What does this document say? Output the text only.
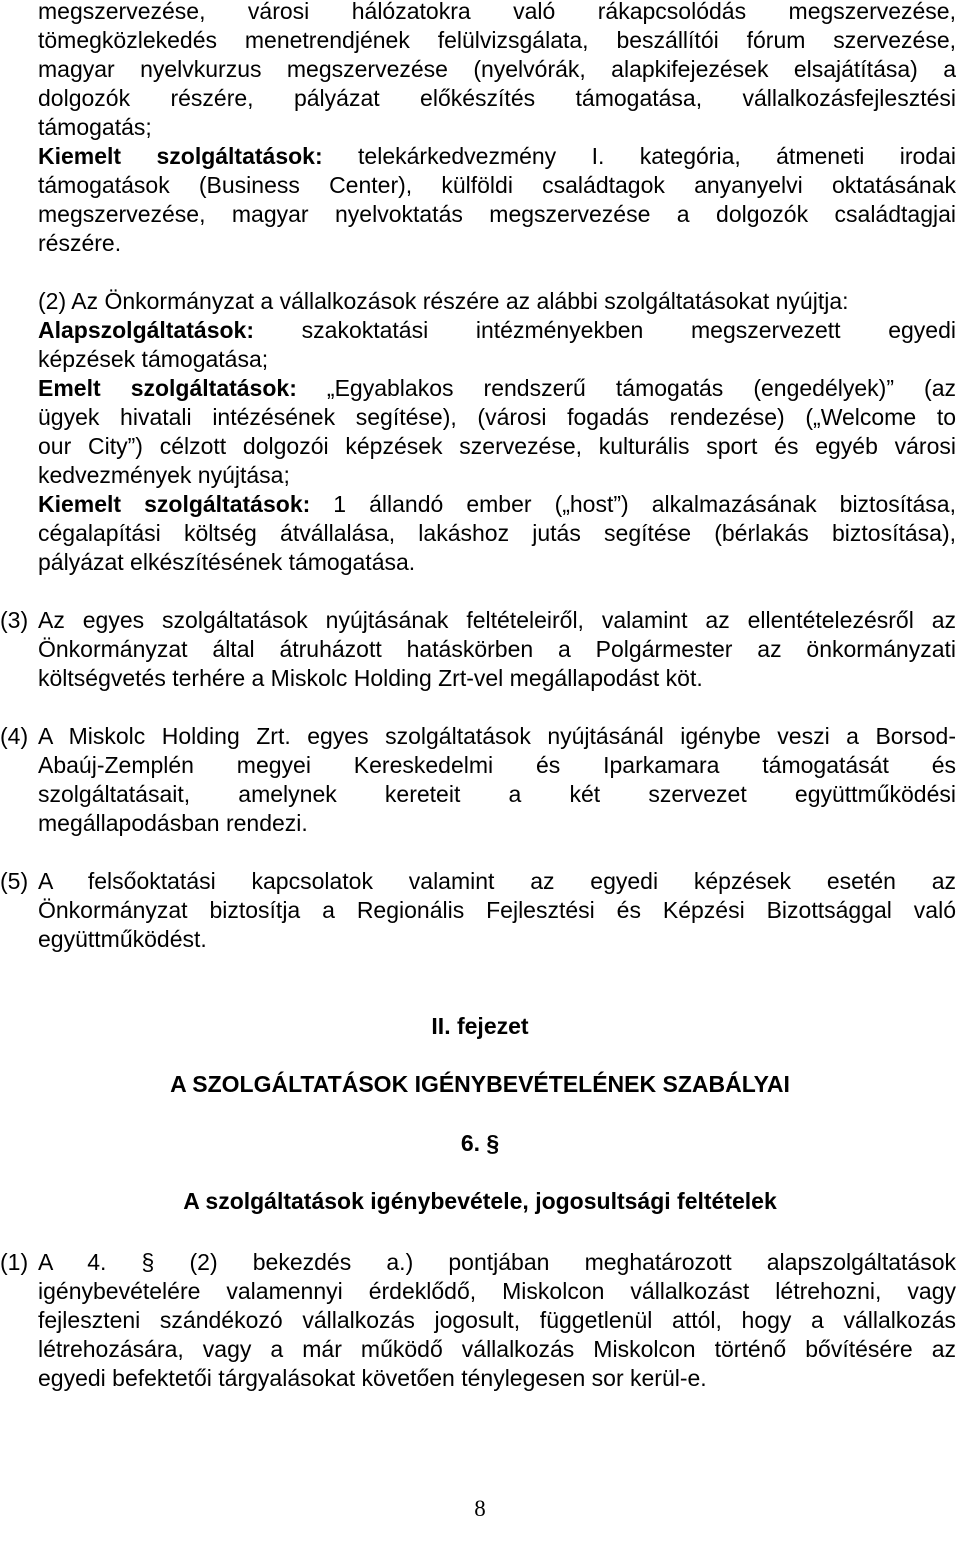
megszervezése, városi hálózatokra való rákapcsolódás megszervezése,
tömegközlekedés menetrendjének felülvizsgálata, beszállítói fórum szervezése,
magyar nyelvkurzus megszervezése (nyelvórák, alapkifejezések elsajátítása) a
dolgozók részére, pályázat előkészítés támogatása, vállalkozásfejlesztési
támogatás;
Kiemelt szolgáltatások: telekárkedvezmény I. kategória, átmeneti irodai
támogatások (Business Center), külföldi családtagok anyanyelvi oktatásának
megszervezése, magyar nyelvoktatás megszervezése a dolgozók családtagjai
részére.
(2) Az Önkormányzat a vállalkozások részére az alábbi szolgáltatásokat nyújtja:
Alapszolgáltatások: szakoktatási intézményekben megszervezett egyedi
képzések támogatása;
Emelt szolgáltatások: „Egyablakos rendszerű támogatás (engedélyek)” (az
ügyek hivatali intézésének segítése), (városi fogadás rendezése) („Welcome to
our City”) célzott dolgozói képzések szervezése, kulturális sport és egyéb városi
kedvezmények nyújtása;
Kiemelt szolgáltatások: 1 állandó ember („host”) alkalmazásának biztosítása,
cégalapítási költség átvállalása, lakáshoz jutás segítése (bérlakás biztosítása),
pályázat elkészítésének támogatása.
(3) Az egyes szolgáltatások nyújtásának feltételeiről, valamint az ellentételezésről az
Önkormányzat által átruházott hatáskörben a Polgármester az önkormányzati
költségvetés terhére a Miskolc Holding Zrt-vel megállapodást köt.
(4) A Miskolc Holding Zrt. egyes szolgáltatások nyújtásánál igénybe veszi a Borsod-
Abaúj-Zemplén megyei Kereskedelmi és Iparkamara támogatását és
szolgáltatásait, amelynek kereteit a két szervezet együttműködési
megállapodásban rendezi.
(5) A felsőoktatási kapcsolatok valamint az egyedi képzések esetén az
Önkormányzat biztosítja a Regionális Fejlesztési és Képzési Bizottsággal való
együttműködést.
II. fejezet
A SZOLGÁLTATÁSOK IGÉNYBEVÉTELÉNEK SZABÁLYAI
6. §
A szolgáltatások igénybevétele, jogosultsági feltételek
(1) A 4. § (2) bekezdés a.) pontjában meghatározott alapszolgáltatások
igénybevételére valamennyi érdeklődő, Miskolcon vállalkozást létrehozni, vagy
fejleszteni szándékozó vállalkozás jogosult, függetlenül attól, hogy a vállalkozás
létrehozására, vagy a már működő vállalkozás Miskolcon történő bővítésére az
egyedi befektetői tárgyalásokat követően ténylegesen sor kerül-e.
8
